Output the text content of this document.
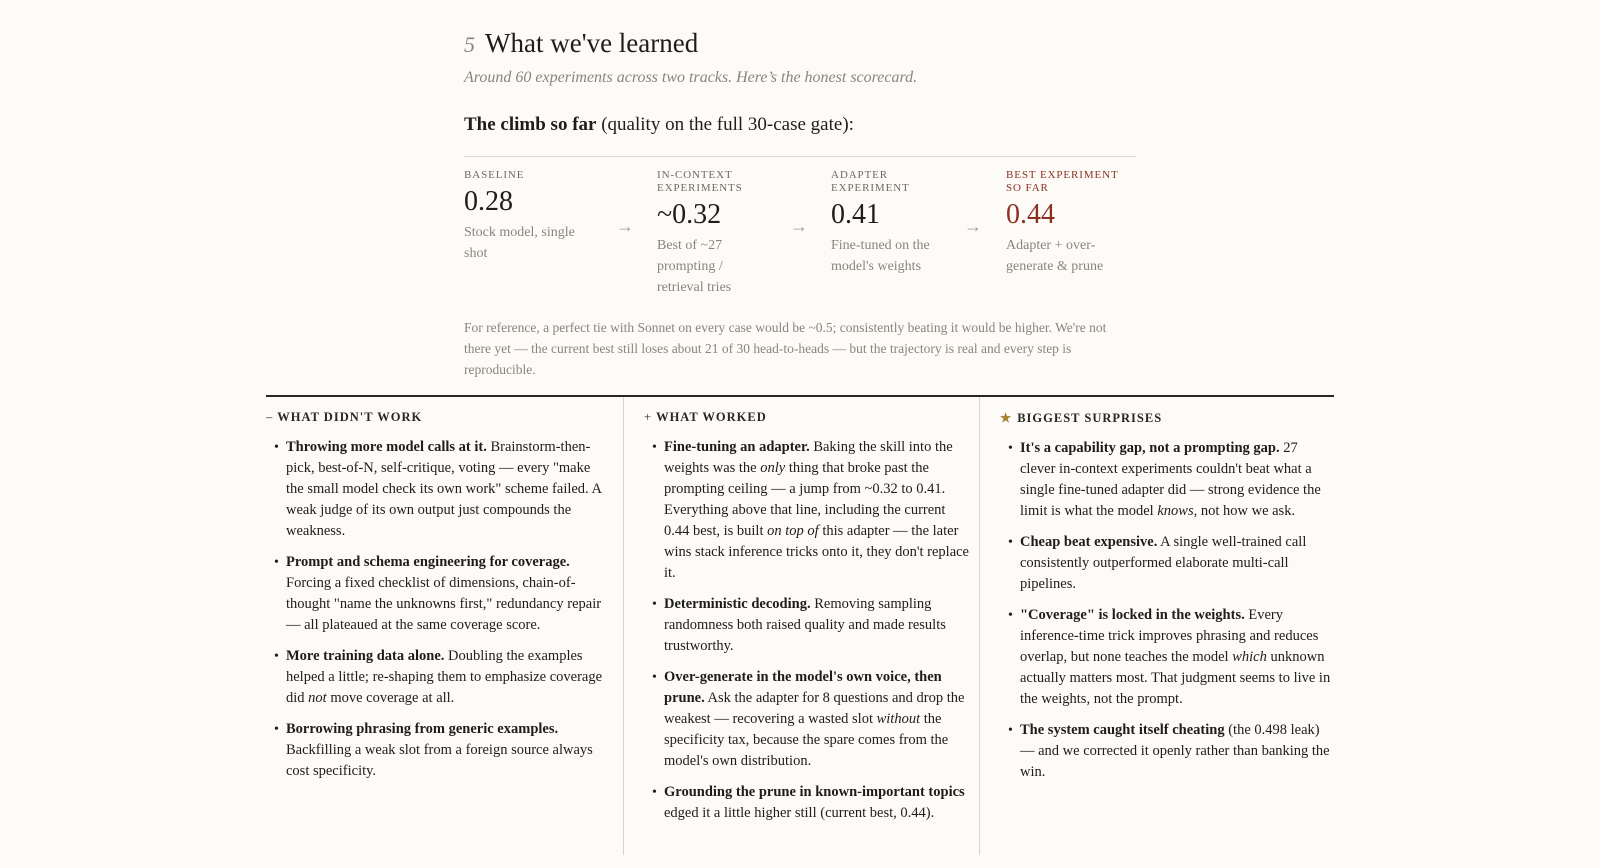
5 What we've learned
Around 60 experiments across two tracks. Here’s the honest scorecard.
The climb so far (quality on the full 30-case gate):
BASELINE
0.28
Stock model, single shot
→
IN-CONTEXT EXPERIMENTS
~0.32
Best of ~27 prompting / retrieval tries
→
ADAPTER EXPERIMENT
0.41
Fine-tuned on the model's weights
→
BEST EXPERIMENT SO FAR
0.44
Adapter + over-generate & prune
For reference, a perfect tie with Sonnet on every case would be ~0.5; consistently beating it would be higher. We're not there yet — the current best still loses about 21 of 30 head-to-heads — but the trajectory is real and every step is reproducible.
– WHAT DIDN'T WORK
• Throwing more model calls at it. Brainstorm-then-pick, best-of-N, self-critique, voting — every "make the small model check its own work" scheme failed. A weak judge of its own output just compounds the weakness.
• Prompt and schema engineering for coverage. Forcing a fixed checklist of dimensions, chain-of-thought "name the unknowns first," redundancy repair — all plateaued at the same coverage score.
• More training data alone. Doubling the examples helped a little; re-shaping them to emphasize coverage did not move coverage at all.
• Borrowing phrasing from generic examples. Backfilling a weak slot from a foreign source always cost specificity.
+ WHAT WORKED
• Fine-tuning an adapter. Baking the skill into the weights was the only thing that broke past the prompting ceiling — a jump from ~0.32 to 0.41. Everything above that line, including the current 0.44 best, is built on top of this adapter — the later wins stack inference tricks onto it, they don't replace it.
• Deterministic decoding. Removing sampling randomness both raised quality and made results trustworthy.
• Over-generate in the model's own voice, then prune. Ask the adapter for 8 questions and drop the weakest — recovering a wasted slot without the specificity tax, because the spare comes from the model's own distribution.
• Grounding the prune in known-important topics edged it a little higher still (current best, 0.44).
★ BIGGEST SURPRISES
• It's a capability gap, not a prompting gap. 27 clever in-context experiments couldn't beat what a single fine-tuned adapter did — strong evidence the limit is what the model knows, not how we ask.
• Cheap beat expensive. A single well-trained call consistently outperformed elaborate multi-call pipelines.
• "Coverage" is locked in the weights. Every inference-time trick improves phrasing and reduces overlap, but none teaches the model which unknown actually matters most. That judgment seems to live in the weights, not the prompt.
• The system caught itself cheating (the 0.498 leak) — and we corrected it openly rather than banking the win.
